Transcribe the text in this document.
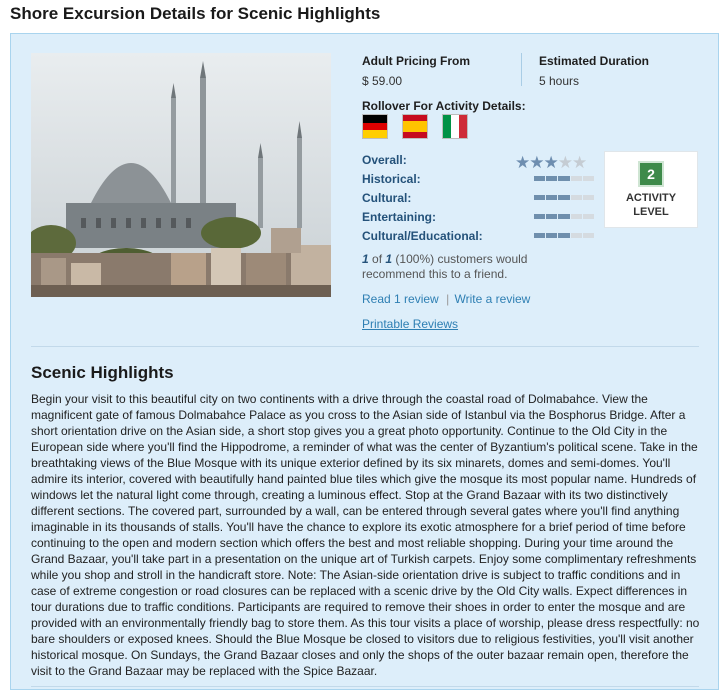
Shore Excursion Details for Scenic Highlights
Adult Pricing From
$ 59.00
Estimated Duration
5 hours
Rollover For Activity Details:
Overall:	★★★★★
Historical:
Cultural:
Entertaining:
Cultural/Educational:
2
ACTIVITY
LEVEL
1 of 1 (100%) customers would
recommend this to a friend.
Read 1 review | Write a review
Printable Reviews
Scenic Highlights
Begin your visit to this beautiful city on two continents with a drive through the coastal road of Dolmabahce. View the magnificent gate of famous Dolmabahce Palace as you cross to the Asian side of Istanbul via the Bosphorus Bridge. After a short orientation drive on the Asian side, a short stop gives you a great photo opportunity. Continue to the Old City in the European side where you'll find the Hippodrome, a reminder of what was the center of Byzantium's political scene. Take in the breathtaking views of the Blue Mosque with its unique exterior defined by its six minarets, domes and semi-domes. You'll admire its interior, covered with beautifully hand painted blue tiles which give the mosque its most popular name. Hundreds of windows let the natural light come through, creating a luminous effect. Stop at the Grand Bazaar with its two distinctively different sections. The covered part, surrounded by a wall, can be entered through several gates where you'll find anything imaginable in its thousands of stalls. You'll have the chance to explore its exotic atmosphere for a brief period of time before continuing to the open and modern section which offers the best and most reliable shopping. During your time around the Grand Bazaar, you'll take part in a presentation on the unique art of Turkish carpets. Enjoy some complimentary refreshments while you shop and stroll in the handicraft store. Note: The Asian-side orientation drive is subject to traffic conditions and in case of extreme congestion or road closures can be replaced with a scenic drive by the Old City walls. Expect differences in tour durations due to traffic conditions. Participants are required to remove their shoes in order to enter the mosque and are provided with an environmentally friendly bag to store them. As this tour visits a place of worship, please dress respectfully: no bare shoulders or exposed knees. Should the Blue Mosque be closed to visitors due to religious festivities, you'll visit another historical mosque. On Sundays, the Grand Bazaar closes and only the shops of the outer bazaar remain open, therefore the visit to the Grand Bazaar may be replaced with the Spice Bazaar.
